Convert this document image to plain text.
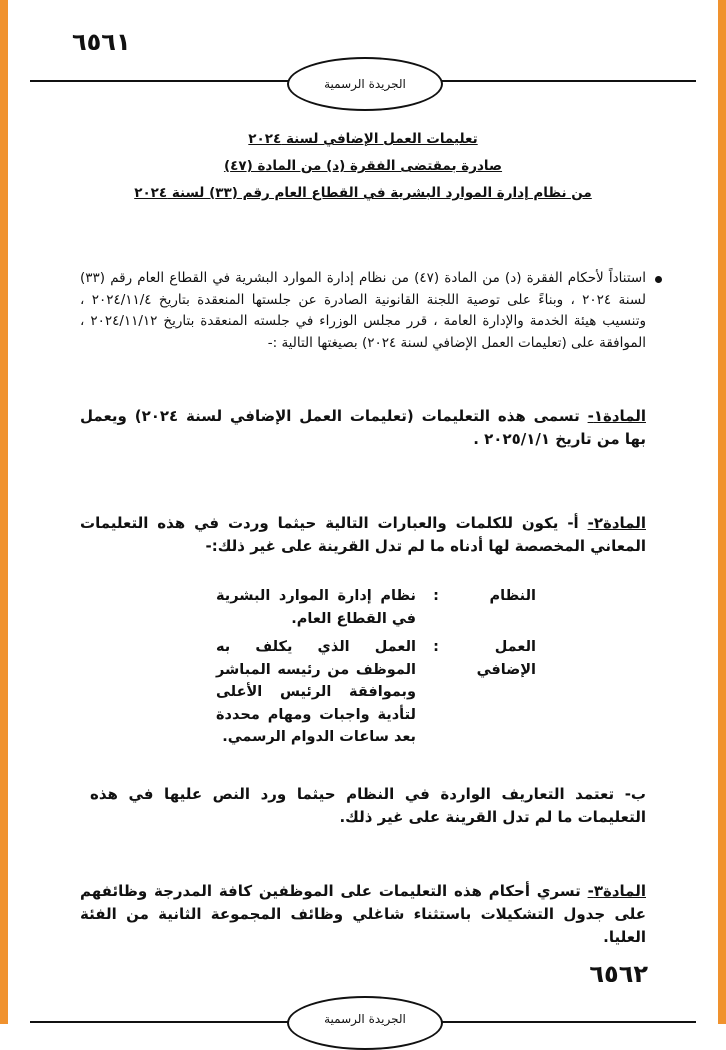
٦٥٦١
الجريدة الرسمية
تعليمات العمل الإضافي لسنة ٢٠٢٤
صادرة بمقتضى الفقرة (د) من المادة (٤٧)
من نظام إدارة الموارد البشرية في القطاع العام رقم (٣٣) لسنة ٢٠٢٤
استناداً لأحكام الفقرة (د) من المادة (٤٧) من نظام إدارة الموارد البشرية في القطاع العام رقم (٣٣) لسنة ٢٠٢٤ ، وبناءً على توصية اللجنة القانونية الصادرة عن جلستها المنعقدة بتاريخ ٢٠٢٤/١١/٤ ، وتنسيب هيئة الخدمة والإدارة العامة ، قرر مجلس الوزراء في جلسته المنعقدة بتاريخ ٢٠٢٤/١١/١٢ ، الموافقة على (تعليمات العمل الإضافي لسنة ٢٠٢٤) بصيغتها التالية :-
المادة١- تسمى هذه التعليمات (تعليمات العمل الإضافي لسنة ٢٠٢٤) ويعمل بها من تاريخ ٢٠٢٥/١/١ .
المادة٢- أ- يكون للكلمات والعبارات التالية حيثما وردت في هذه التعليمات المعاني المخصصة لها أدناه ما لم تدل القرينة على غير ذلك:-
النظام
:
نظام إدارة الموارد البشرية في القطاع العام.
العمل الإضافي
:
العمل الذي يكلف به الموظف من رئيسه المباشر وبموافقة الرئيس الأعلى لتأدية واجبات ومهام محددة بعد ساعات الدوام الرسمي.
ب- تعتمد التعاريف الواردة في النظام حيثما ورد النص عليها في هذه التعليمات ما لم تدل القرينة على غير ذلك.
المادة٣- تسري أحكام هذه التعليمات على الموظفين كافة المدرجة وظائفهم على جدول التشكيلات باستثناء شاغلي وظائف المجموعة الثانية من الفئة العليا.
٦٥٦٢
الجريدة الرسمية
